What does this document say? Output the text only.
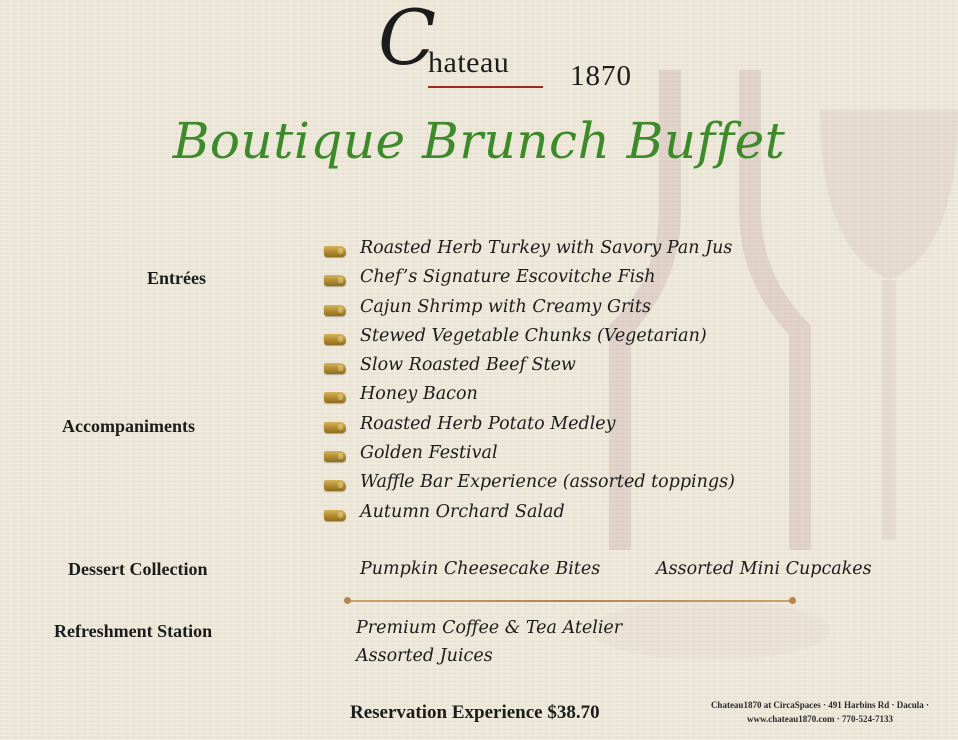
C
hateau 1870
Boutique Brunch Buffet
Entrées
Accompaniments
Dessert Collection
Refreshment Station
Roasted Herb Turkey with Savory Pan Jus
Chef’s Signature Escovitche Fish
Cajun Shrimp with Creamy Grits
Stewed Vegetable Chunks (Vegetarian)
Slow Roasted Beef Stew
Honey Bacon
Roasted Herb Potato Medley
Golden Festival
Waffle Bar Experience (assorted toppings)
Autumn Orchard Salad
Pumpkin Cheesecake Bites	Assorted Mini Cupcakes
Premium Coffee & Tea Atelier
Assorted Juices
Reservation Experience $38.70	Chateau1870 at CircaSpaces · 491 Harbins Rd · Dacula ·
www.chateau1870.com · 770-524-7133
